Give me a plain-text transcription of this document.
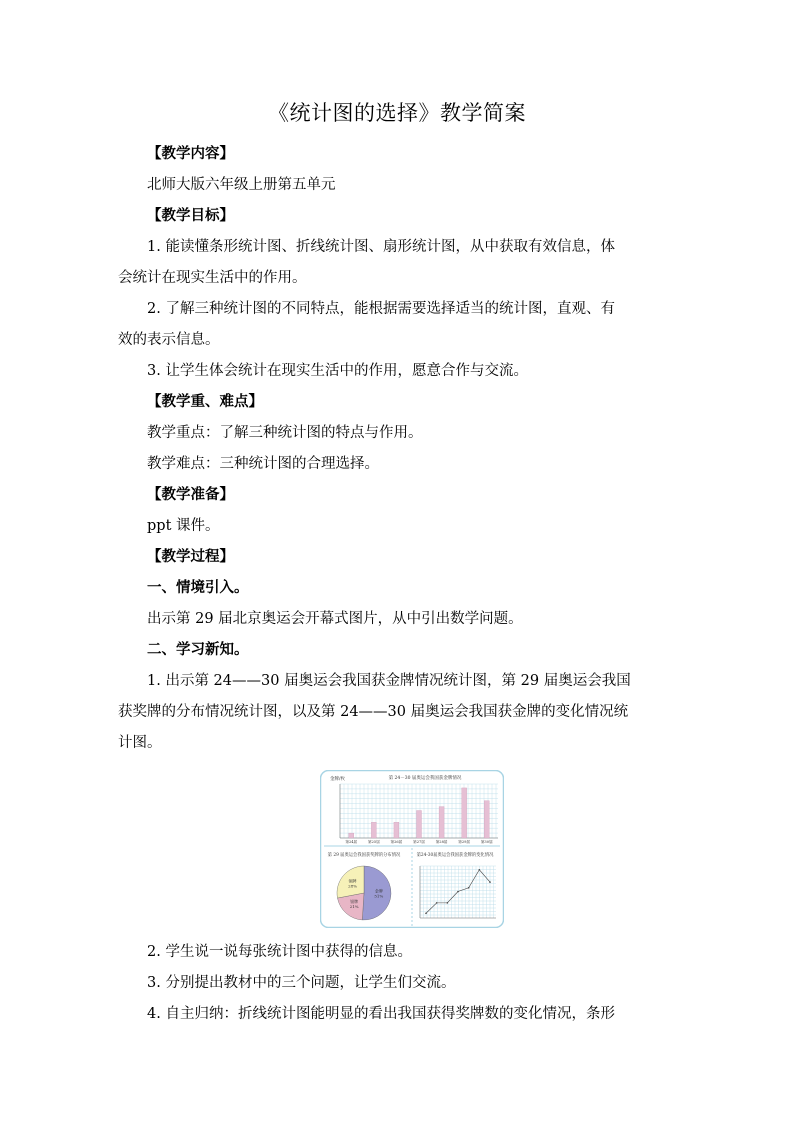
《统计图的选择》教学简案
【教学内容】
北师大版六年级上册第五单元
【教学目标】
1. 能读懂条形统计图、折线统计图、扇形统计图，从中获取有效信息，体
会统计在现实生活中的作用。
2. 了解三种统计图的不同特点，能根据需要选择适当的统计图，直观、有
效的表示信息。
3. 让学生体会统计在现实生活中的作用，愿意合作与交流。
【教学重、难点】
教学重点：了解三种统计图的特点与作用。
教学难点：三种统计图的合理选择。
【教学准备】
ppt 课件。
【教学过程】
一、情境引入。
出示第 29 届北京奥运会开幕式图片，从中引出数学问题。
二、学习新知。
1. 出示第 24——30 届奥运会我国获金牌情况统计图，第 29 届奥运会我国
获奖牌的分布情况统计图，以及第 24——30 届奥运会我国获金牌的变化情况统
计图。
金牌/枚	第 24－30 届奥运会我国获金牌情况
第24届	第25届	第26届	第27届	第28届	第29届	第30届
第 29 届奥运会我国获奖牌的分布情况
金牌
51%
银牌
21%
铜牌
28%
第24-30届奥运会我国获金牌的变化情况
2. 学生说一说每张统计图中获得的信息。
3. 分别提出教材中的三个问题，让学生们交流。
4. 自主归纳：折线统计图能明显的看出我国获得奖牌数的变化情况，条形
